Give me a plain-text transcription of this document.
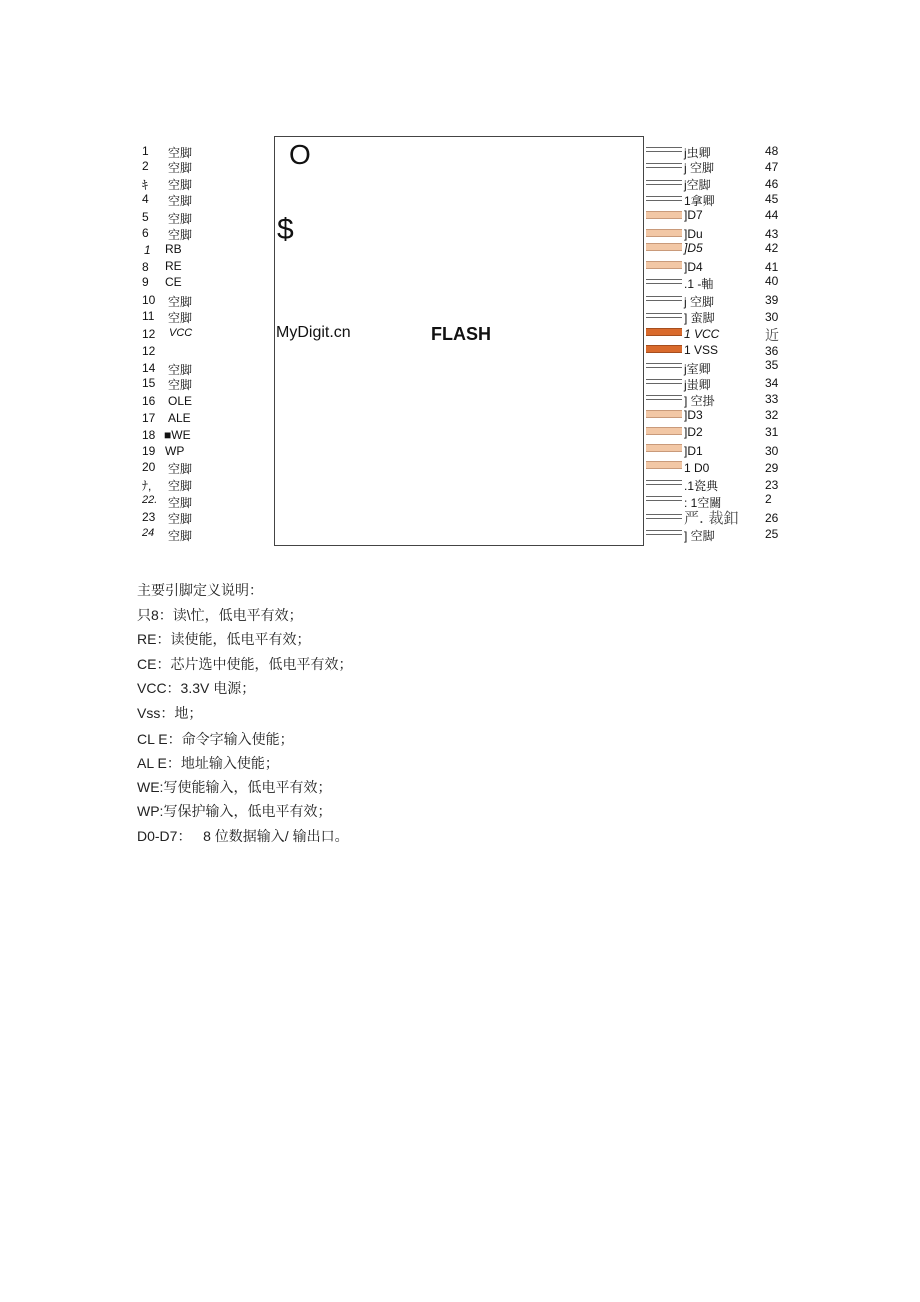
1 空脚
2 空脚
ｷ 空脚
4 空脚
5 空脚
6 空脚
1 RB
8 RE
9 CE
10 空脚
11 空脚
12 VCC
12
14 空脚
15 空脚
16 OLE
17 ALE
18 ■WE
19 WP
20 空脚
ﾅ, 空脚
22. 空脚
23 空脚
24 空脚
O
$
MyDigit.cn	FLASH
j虫卿	48
j 空脚	47
j空脚	46
1拿卿	45
]D7	44
]Du	43
]D5	42
]D4	41
.1 -軸	40
j 空脚	39
] 蛮脚	30
1 VCC	近
1 VSS	36
j室卿	35
j蚩卿	34
] 空掛	33
]D3	32
]D2	31
]D1	30
1 D0	29
.1瓷典	23
: 1空關	2
严. 裁釦 26
] 空脚	25
主要引脚定义说明：
只8：读\忙，低电平有效；
RE：读使能，低电平有效；
CE：芯片选中使能，低电平有效；
VCC：3.3V 电源；
Vss：地；
CL E：命令字输入使能；
AL E：地址输入使能；
WE:写使能输入，低电平有效；
WP:写保护输入，低电平有效；
D0-D7：   8 位数据输入/ 输出口。
